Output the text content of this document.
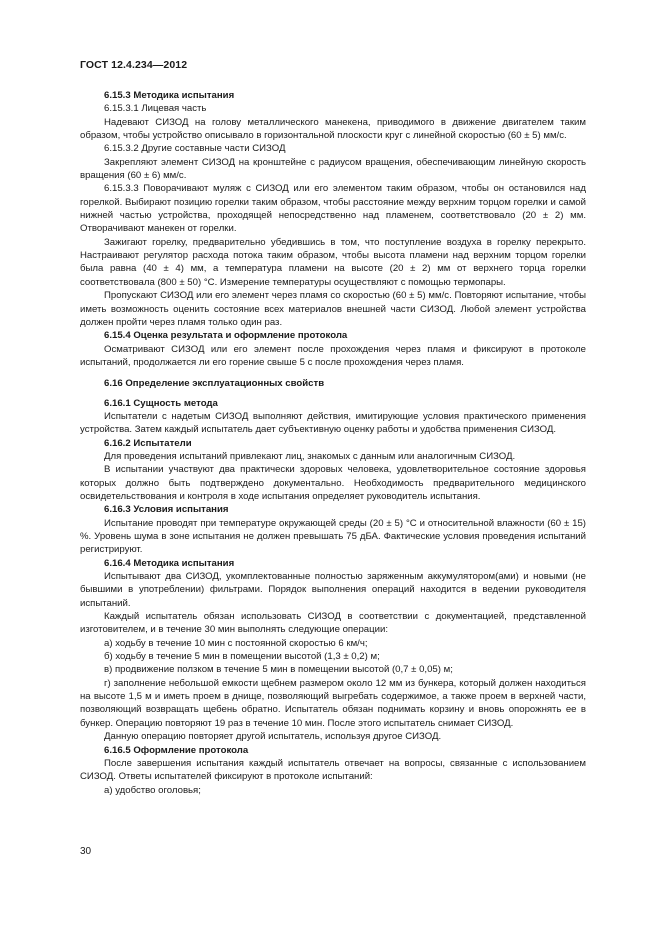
ГОСТ 12.4.234—2012

6.15.3 Методика испытания

6.15.3.1 Лицевая часть

Надевают СИЗОД на голову металлического манекена, приводимого в движение двигателем таким образом, чтобы устройство описывало в горизонтальной плоскости круг с линейной скоростью (60 ± 5) мм/с.

6.15.3.2 Другие составные части СИЗОД

Закрепляют элемент СИЗОД на кронштейне с радиусом вращения, обеспечивающим линейную скорость вращения (60 ± 6) мм/с.

6.15.3.3 Поворачивают муляж с СИЗОД или его элементом таким образом, чтобы он остановился над горелкой. Выбирают позицию горелки таким образом, чтобы расстояние между верхним торцом горелки и самой нижней частью устройства, проходящей непосредственно над пламенем, соответствовало (20 ± 2) мм. Отворачивают манекен от горелки.

Зажигают горелку, предварительно убедившись в том, что поступление воздуха в горелку перекрыто. Настраивают регулятор расхода потока таким образом, чтобы высота пламени над верхним торцом горелки была равна (40 ± 4) мм, а температура пламени на высоте (20 ± 2) мм от верхнего торца горелки соответствовала (800 ± 50) °С. Измерение температуры осуществляют с помощью термопары.

Пропускают СИЗОД или его элемент через пламя со скоростью (60 ± 5) мм/с. Повторяют испытание, чтобы иметь возможность оценить состояние всех материалов внешней части СИЗОД. Любой элемент устройства должен пройти через пламя только один раз.

6.15.4 Оценка результата и оформление протокола

Осматривают СИЗОД или его элемент после прохождения через пламя и фиксируют в протоколе испытаний, продолжается ли его горение свыше 5 с после прохождения через пламя.

6.16 Определение эксплуатационных свойств

6.16.1 Сущность метода

Испытатели с надетым СИЗОД выполняют действия, имитирующие условия практического применения устройства. Затем каждый испытатель дает субъективную оценку работы и удобства применения СИЗОД.

6.16.2 Испытатели

Для проведения испытаний привлекают лиц, знакомых с данным или аналогичным СИЗОД.

В испытании участвуют два практически здоровых человека, удовлетворительное состояние здоровья которых должно быть подтверждено документально. Необходимость предварительного медицинского освидетельствования и контроля в ходе испытания определяет руководитель испытания.

6.16.3 Условия испытания

Испытание проводят при температуре окружающей среды (20 ± 5) °С и относительной влажности (60 ± 15) %. Уровень шума в зоне испытания не должен превышать 75 дБА. Фактические условия проведения испытаний регистрируют.

6.16.4 Методика испытания

Испытывают два СИЗОД, укомплектованные полностью заряженным аккумулятором(ами) и новыми (не бывшими в употреблении) фильтрами. Порядок выполнения операций находится в ведении руководителя испытаний.

Каждый испытатель обязан использовать СИЗОД в соответствии с документацией, представленной изготовителем, и в течение 30 мин выполнять следующие операции:

а) ходьбу в течение 10 мин с постоянной скоростью 6 км/ч;

б) ходьбу в течение 5 мин в помещении высотой (1,3 ± 0,2) м;

в) продвижение ползком в течение 5 мин в помещении высотой (0,7 ± 0,05) м;

г) заполнение небольшой емкости щебнем размером около 12 мм из бункера, который должен находиться на высоте 1,5 м и иметь проем в днище, позволяющий выгребать содержимое, а также проем в верхней части, позволяющий возвращать щебень обратно. Испытатель обязан поднимать корзину и вновь опорожнять ее в бункер. Операцию повторяют 19 раз в течение 10 мин. После этого испытатель снимает СИЗОД.

Данную операцию повторяет другой испытатель, используя другое СИЗОД.

6.16.5 Оформление протокола

После завершения испытания каждый испытатель отвечает на вопросы, связанные с использованием СИЗОД. Ответы испытателей фиксируют в протоколе испытаний:

а) удобство оголовья;

30
